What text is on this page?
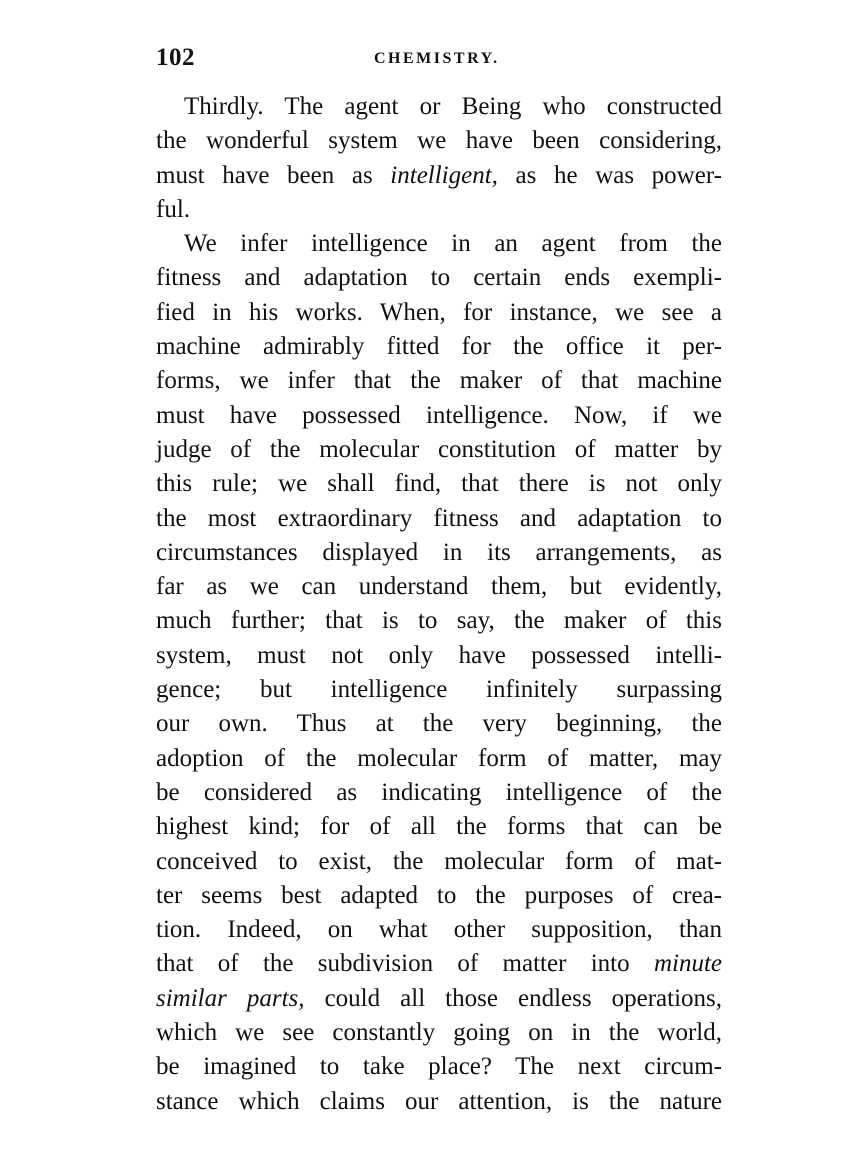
102	CHEMISTRY.
Thirdly. The agent or Being who constructed
the wonderful system we have been considering,
must have been as intelligent, as he was power-
ful.
We infer intelligence in an agent from the
fitness and adaptation to certain ends exempli-
fied in his works. When, for instance, we see a
machine admirably fitted for the office it per-
forms, we infer that the maker of that machine
must have possessed intelligence. Now, if we
judge of the molecular constitution of matter by
this rule; we shall find, that there is not only
the most extraordinary fitness and adaptation to
circumstances displayed in its arrangements, as
far as we can understand them, but evidently,
much further; that is to say, the maker of this
system, must not only have possessed intelli-
gence; but intelligence infinitely surpassing
our own. Thus at the very beginning, the
adoption of the molecular form of matter, may
be considered as indicating intelligence of the
highest kind; for of all the forms that can be
conceived to exist, the molecular form of mat-
ter seems best adapted to the purposes of crea-
tion. Indeed, on what other supposition, than
that of the subdivision of matter into minute
similar parts, could all those endless operations,
which we see constantly going on in the world,
be imagined to take place? The next circum-
stance which claims our attention, is the nature
